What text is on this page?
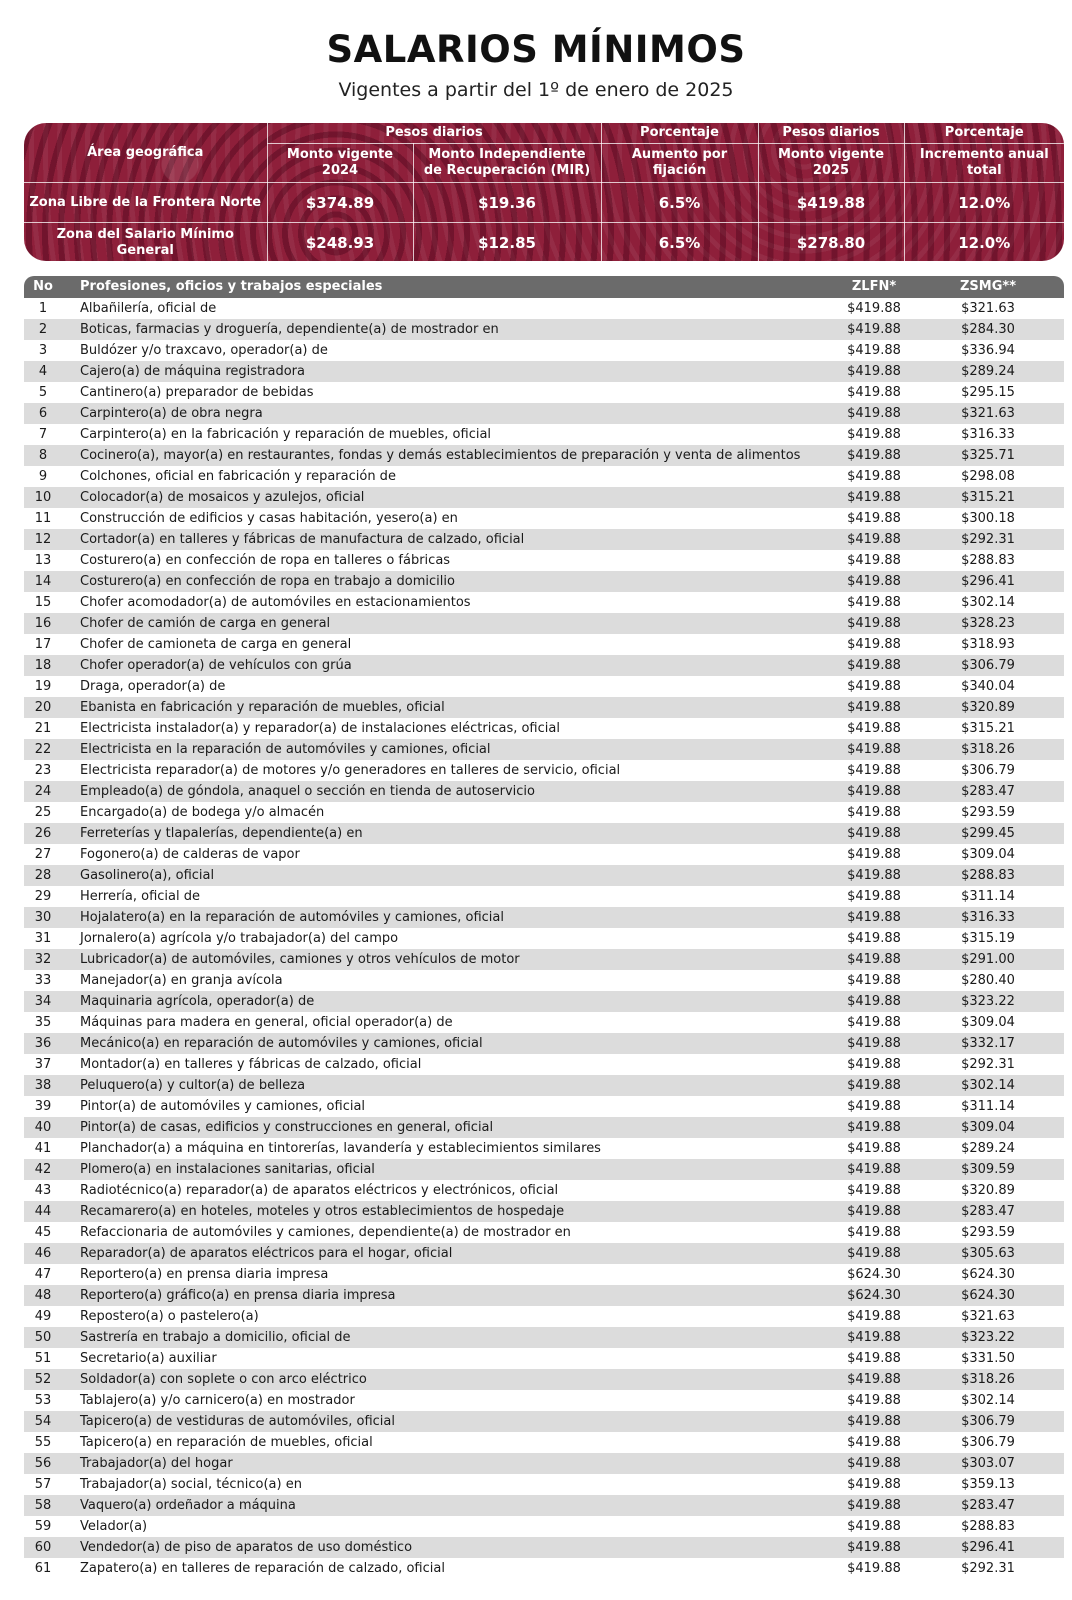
SALARIOS MÍNIMOS
Vigentes a partir del 1º de enero de 2025
Área geográfica	Pesos diarios		Porcentaje	Pesos diarios	Porcentaje
	Monto vigente 2024	Monto Independiente de Recuperación (MIR)	Aumento por fijación	Monto vigente 2025	Incremento anual total
Zona Libre de la Frontera Norte	$374.89	$19.36	6.5%	$419.88	12.0%
Zona del Salario Mínimo General	$248.93	$12.85	6.5%	$278.80	12.0%
No	Profesiones, oficios y trabajos especiales	ZLFN*	ZSMG**
1	Albañilería, oficial de	$419.88	$321.63
2	Boticas, farmacias y droguería, dependiente(a) de mostrador en	$419.88	$284.30
3	Buldózer y/o traxcavo, operador(a) de	$419.88	$336.94
4	Cajero(a) de máquina registradora	$419.88	$289.24
5	Cantinero(a) preparador de bebidas	$419.88	$295.15
6	Carpintero(a) de obra negra	$419.88	$321.63
7	Carpintero(a) en la fabricación y reparación de muebles, oficial	$419.88	$316.33
8	Cocinero(a), mayor(a) en restaurantes, fondas y demás establecimientos de preparación y venta de alimentos	$419.88	$325.71
9	Colchones, oficial en fabricación y reparación de	$419.88	$298.08
10	Colocador(a) de mosaicos y azulejos, oficial	$419.88	$315.21
11	Construcción de edificios y casas habitación, yesero(a) en	$419.88	$300.18
12	Cortador(a) en talleres y fábricas de manufactura de calzado, oficial	$419.88	$292.31
13	Costurero(a) en confección de ropa en talleres o fábricas	$419.88	$288.83
14	Costurero(a) en confección de ropa en trabajo a domicilio	$419.88	$296.41
15	Chofer acomodador(a) de automóviles en estacionamientos	$419.88	$302.14
16	Chofer de camión de carga en general	$419.88	$328.23
17	Chofer de camioneta de carga en general	$419.88	$318.93
18	Chofer operador(a) de vehículos con grúa	$419.88	$306.79
19	Draga, operador(a) de	$419.88	$340.04
20	Ebanista en fabricación y reparación de muebles, oficial	$419.88	$320.89
21	Electricista instalador(a) y reparador(a) de instalaciones eléctricas, oficial	$419.88	$315.21
22	Electricista en la reparación de automóviles y camiones, oficial	$419.88	$318.26
23	Electricista reparador(a) de motores y/o generadores en talleres de servicio, oficial	$419.88	$306.79
24	Empleado(a) de góndola, anaquel o sección en tienda de autoservicio	$419.88	$283.47
25	Encargado(a) de bodega y/o almacén	$419.88	$293.59
26	Ferreterías y tlapalerías, dependiente(a) en	$419.88	$299.45
27	Fogonero(a) de calderas de vapor	$419.88	$309.04
28	Gasolinero(a), oficial	$419.88	$288.83
29	Herrería, oficial de	$419.88	$311.14
30	Hojalatero(a) en la reparación de automóviles y camiones, oficial	$419.88	$316.33
31	Jornalero(a) agrícola y/o trabajador(a) del campo	$419.88	$315.19
32	Lubricador(a) de automóviles, camiones y otros vehículos de motor	$419.88	$291.00
33	Manejador(a) en granja avícola	$419.88	$280.40
34	Maquinaria agrícola, operador(a) de	$419.88	$323.22
35	Máquinas para madera en general, oficial operador(a) de	$419.88	$309.04
36	Mecánico(a) en reparación de automóviles y camiones, oficial	$419.88	$332.17
37	Montador(a) en talleres y fábricas de calzado, oficial	$419.88	$292.31
38	Peluquero(a) y cultor(a) de belleza	$419.88	$302.14
39	Pintor(a) de automóviles y camiones, oficial	$419.88	$311.14
40	Pintor(a) de casas, edificios y construcciones en general, oficial	$419.88	$309.04
41	Planchador(a) a máquina en tintorerías, lavandería y establecimientos similares	$419.88	$289.24
42	Plomero(a) en instalaciones sanitarias, oficial	$419.88	$309.59
43	Radiotécnico(a) reparador(a) de aparatos eléctricos y electrónicos, oficial	$419.88	$320.89
44	Recamarero(a) en hoteles, moteles y otros establecimientos de hospedaje	$419.88	$283.47
45	Refaccionaria de automóviles y camiones, dependiente(a) de mostrador en	$419.88	$293.59
46	Reparador(a) de aparatos eléctricos para el hogar, oficial	$419.88	$305.63
47	Reportero(a) en prensa diaria impresa	$624.30	$624.30
48	Reportero(a) gráfico(a) en prensa diaria impresa	$624.30	$624.30
49	Repostero(a) o pastelero(a)	$419.88	$321.63
50	Sastrería en trabajo a domicilio, oficial de	$419.88	$323.22
51	Secretario(a) auxiliar	$419.88	$331.50
52	Soldador(a) con soplete o con arco eléctrico	$419.88	$318.26
53	Tablajero(a) y/o carnicero(a) en mostrador	$419.88	$302.14
54	Tapicero(a) de vestiduras de automóviles, oficial	$419.88	$306.79
55	Tapicero(a) en reparación de muebles, oficial	$419.88	$306.79
56	Trabajador(a) del hogar	$419.88	$303.07
57	Trabajador(a) social, técnico(a) en	$419.88	$359.13
58	Vaquero(a) ordeñador a máquina	$419.88	$283.47
59	Velador(a)	$419.88	$288.83
60	Vendedor(a) de piso de aparatos de uso doméstico	$419.88	$296.41
61	Zapatero(a) en talleres de reparación de calzado, oficial	$419.88	$292.31
